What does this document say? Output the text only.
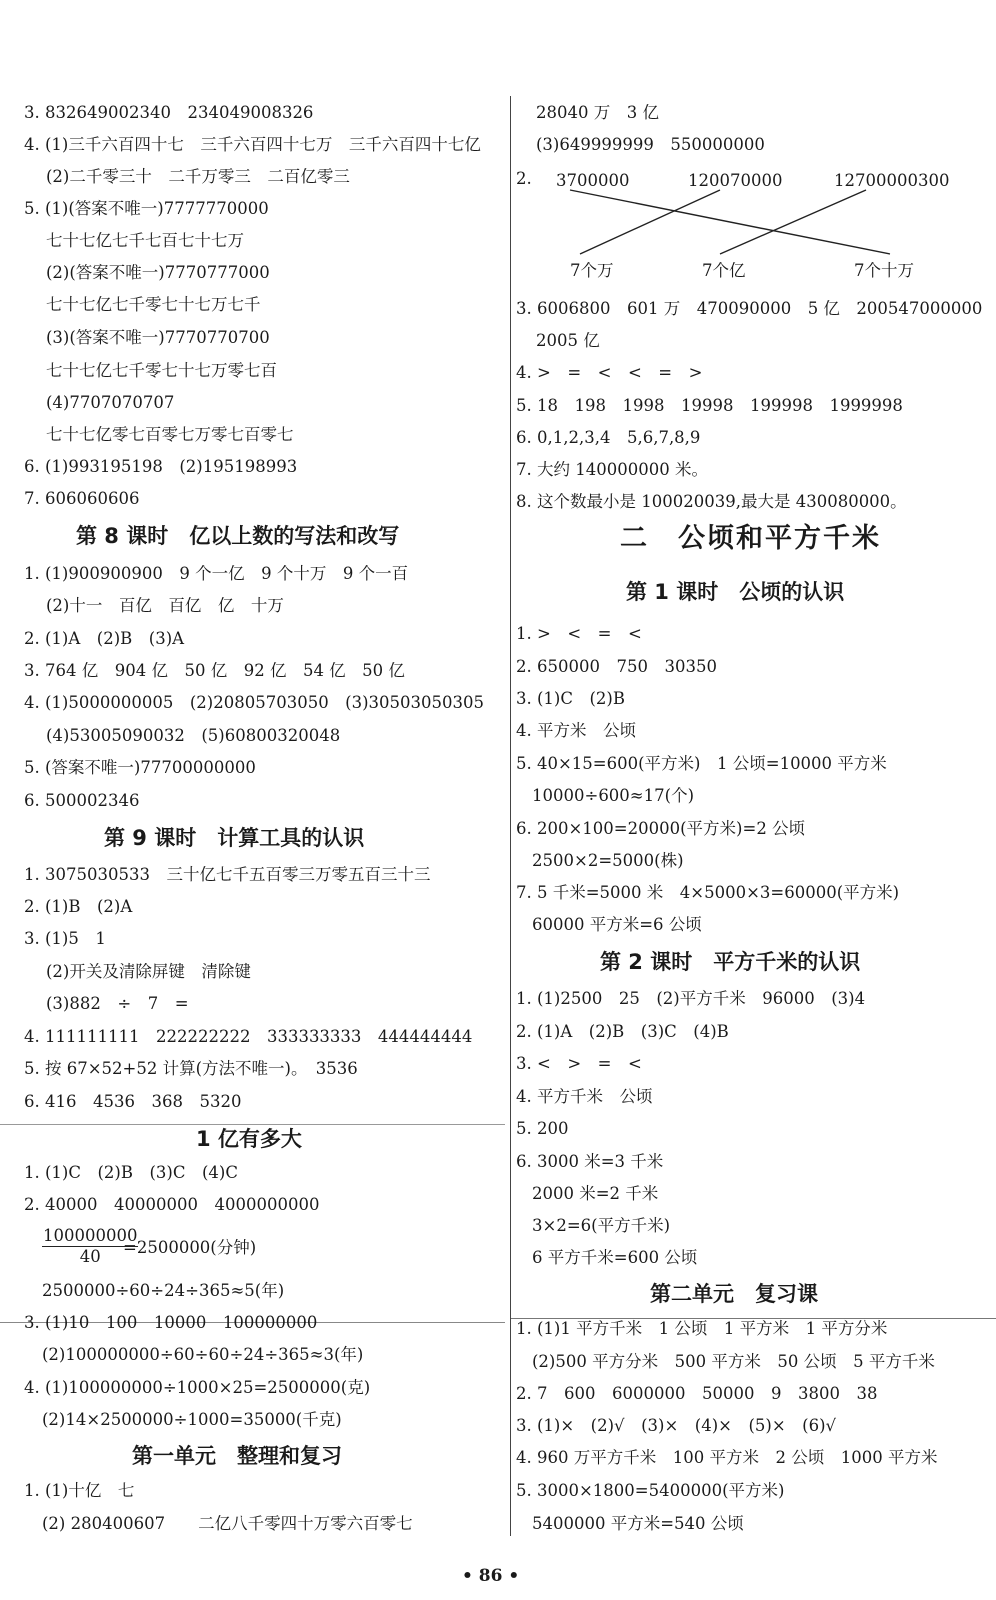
3. 832649002340　234049008326
4. (1)三千六百四十七　三千六百四十七万　三千六百四十七亿
(2)二千零三十　二千万零三　二百亿零三
5. (1)(答案不唯一)7777770000
七十七亿七千七百七十七万
(2)(答案不唯一)7770777000
七十七亿七千零七十七万七千
(3)(答案不唯一)7770770700
七十七亿七千零七十七万零七百
(4)7707070707
七十七亿零七百零七万零七百零七
6. (1)993195198　(2)195198993
7. 606060606
第 8 课时　亿以上数的写法和改写
1. (1)900900900　9 个一亿　9 个十万　9 个一百
(2)十一　百亿　百亿　亿　十万
2. (1)A　(2)B　(3)A
3. 764 亿　904 亿　50 亿　92 亿　54 亿　50 亿
4. (1)5000000005　(2)20805703050　(3)30503050305
(4)53005090032　(5)60800320048
5. (答案不唯一)77700000000
6. 500002346
第 9 课时　计算工具的认识
1. 3075030533　三十亿七千五百零三万零五百三十三
2. (1)B　(2)A
3. (1)5　1
(2)开关及清除屏键　清除键
(3)882　÷　7　=
4. 111111111　222222222　333333333　444444444
5. 按 67×52+52 计算(方法不唯一)。　3536
6. 416　4536　368　5320
1 亿有多大
1. (1)C　(2)B　(3)C　(4)C
2. 40000　40000000　4000000000
$\frac{100000000}{40}$
=2500000(分钟)
2500000÷60÷24÷365≈5(年)
3. (1)10　100　10000　100000000
(2)100000000÷60÷60÷24÷365≈3(年)
4. (1)100000000÷1000×25=2500000(克)
(2)14×2500000÷1000=35000(千克)
第一单元　整理和复习
1. (1)十亿　七
(2) 280400607　　二亿八千零四十万零六百零七
28040 万　3 亿
(3)649999999　550000000
2. 3700000	120070000	12700000300
7个万	7个亿	7个十万
3. 6006800　601 万　470090000　5 亿　200547000000
2005 亿
4. >　=　<　<　=　>
5. 18　198　1998　19998　199998　1999998
6. 0,1,2,3,4　5,6,7,8,9
7. 大约 140000000 米。
8. 这个数最小是 100020039,最大是 430080000。
二　公顷和平方千米
第 1 课时　公顷的认识
1. >　<　=　<
2. 650000　750　30350
3. (1)C　(2)B
4. 平方米　公顷
5. 40×15=600(平方米)　1 公顷=10000 平方米
10000÷600≈17(个)
6. 200×100=20000(平方米)=2 公顷
2500×2=5000(株)
7. 5 千米=5000 米　4×5000×3=60000(平方米)
60000 平方米=6 公顷
第 2 课时　平方千米的认识
1. (1)2500　25　(2)平方千米　96000　(3)4
2. (1)A　(2)B　(3)C　(4)B
3. <　>　=　<
4. 平方千米　公顷
5. 200
6. 3000 米=3 千米
2000 米=2 千米
3×2=6(平方千米)
6 平方千米=600 公顷
第二单元　复习课
1. (1)1 平方千米　1 公顷　1 平方米　1 平方分米
(2)500 平方分米　500 平方米　50 公顷　5 平方千米
2. 7　600　6000000　50000　9　3800　38
3. (1)×　(2)√　(3)×　(4)×　(5)×　(6)√
4. 960 万平方千米　100 平方米　2 公顷　1000 平方米
5. 3000×1800=5400000(平方米)
5400000 平方米=540 公顷
• 86 •
